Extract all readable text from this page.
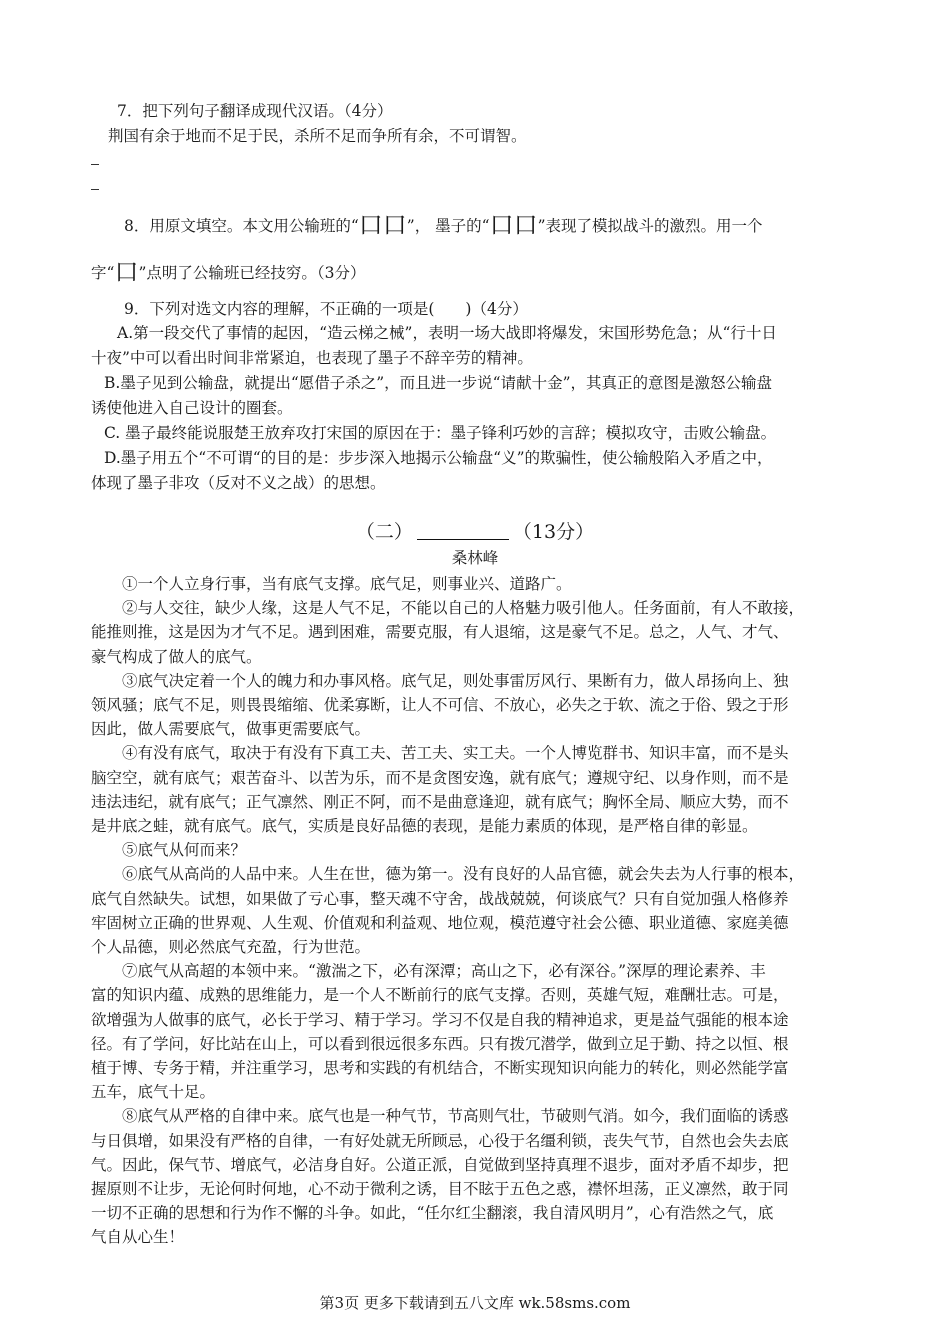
7．把下列句子翻译成现代汉语。（4分）
荆国有余于地而不足于民，杀所不足而争所有余，不可谓智。
8．用原文填空。本文用公输班的“口口”， 墨子的“口口”表现了模拟战斗的激烈。用一个
字“口”点明了公输班已经技穷。（3分）
9．下列对选文内容的理解，不正确的一项是(　　)（4分）
A.第一段交代了事情的起因，“造云梯之械”，表明一场大战即将爆发，宋国形势危急；从“行十日
十夜”中可以看出时间非常紧迫，也表现了墨子不辞辛劳的精神。
B.墨子见到公输盘，就提出“愿借子杀之”，而且进一步说“请献十金”，其真正的意图是激怒公输盘
诱使他进入自己设计的圈套。
C. 墨子最终能说服楚王放弃攻打宋国的原因在于：墨子锋利巧妙的言辞；模拟攻守，击败公输盘。
D.墨子用五个“不可谓“的目的是：步步深入地揭示公输盘“义”的欺骗性，使公输般陷入矛盾之中，
体现了墨子非攻（反对不义之战）的思想。
（二）	（13分）
桑林峰
①一个人立身行事，当有底气支撑。底气足，则事业兴、道路广。
②与人交往，缺少人缘，这是人气不足，不能以自己的人格魅力吸引他人。任务面前，有人不敢接，
能推则推，这是因为才气不足。遇到困难，需要克服，有人退缩，这是豪气不足。总之，人气、才气、
豪气构成了做人的底气。
③底气决定着一个人的魄力和办事风格。底气足，则处事雷厉风行、果断有力，做人昂扬向上、独
领风骚；底气不足，则畏畏缩缩、优柔寡断，让人不可信、不放心，必失之于软、流之于俗、毁之于形
因此，做人需要底气，做事更需要底气。
④有没有底气，取决于有没有下真工夫、苦工夫、实工夫。一个人博览群书、知识丰富，而不是头
脑空空，就有底气；艰苦奋斗、以苦为乐，而不是贪图安逸，就有底气；遵规守纪、以身作则，而不是
违法违纪，就有底气；正气凛然、刚正不阿，而不是曲意逢迎，就有底气；胸怀全局、顺应大势，而不
是井底之蛙，就有底气。底气，实质是良好品德的表现，是能力素质的体现，是严格自律的彰显。
⑤底气从何而来？
⑥底气从高尚的人品中来。人生在世，德为第一。没有良好的人品官德，就会失去为人行事的根本，
底气自然缺失。试想，如果做了亏心事，整天魂不守舍，战战兢兢，何谈底气？只有自觉加强人格修养
牢固树立正确的世界观、人生观、价值观和利益观、地位观，模范遵守社会公德、职业道德、家庭美德
个人品德，则必然底气充盈，行为世范。
⑦底气从高超的本领中来。“激湍之下，必有深潭；高山之下，必有深谷。”深厚的理论素养、丰
富的知识内蕴、成熟的思维能力，是一个人不断前行的底气支撑。否则，英雄气短，难酬壮志。可是，
欲增强为人做事的底气，必长于学习、精于学习。学习不仅是自我的精神追求，更是益气强能的根本途
径。有了学问，好比站在山上，可以看到很远很多东西。只有拨冗潜学，做到立足于勤、持之以恒、根
植于博、专务于精，并注重学习，思考和实践的有机结合，不断实现知识向能力的转化，则必然能学富
五车，底气十足。
⑧底气从严格的自律中来。底气也是一种气节，节高则气壮，节破则气消。如今，我们面临的诱惑
与日俱增，如果没有严格的自律，一有好处就无所顾忌，心役于名缰利锁，丧失气节，自然也会失去底
气。因此，保气节、增底气，必洁身自好。公道正派，自觉做到坚持真理不退步，面对矛盾不却步，把
握原则不让步，无论何时何地，心不动于微利之诱，目不眩于五色之惑，襟怀坦荡，正义凛然，敢于同
一切不正确的思想和行为作不懈的斗争。如此，“任尔红尘翻滚，我自清风明月”，心有浩然之气，底
气自从心生！
第3页 更多下载请到五八文库 wk.58sms.com
